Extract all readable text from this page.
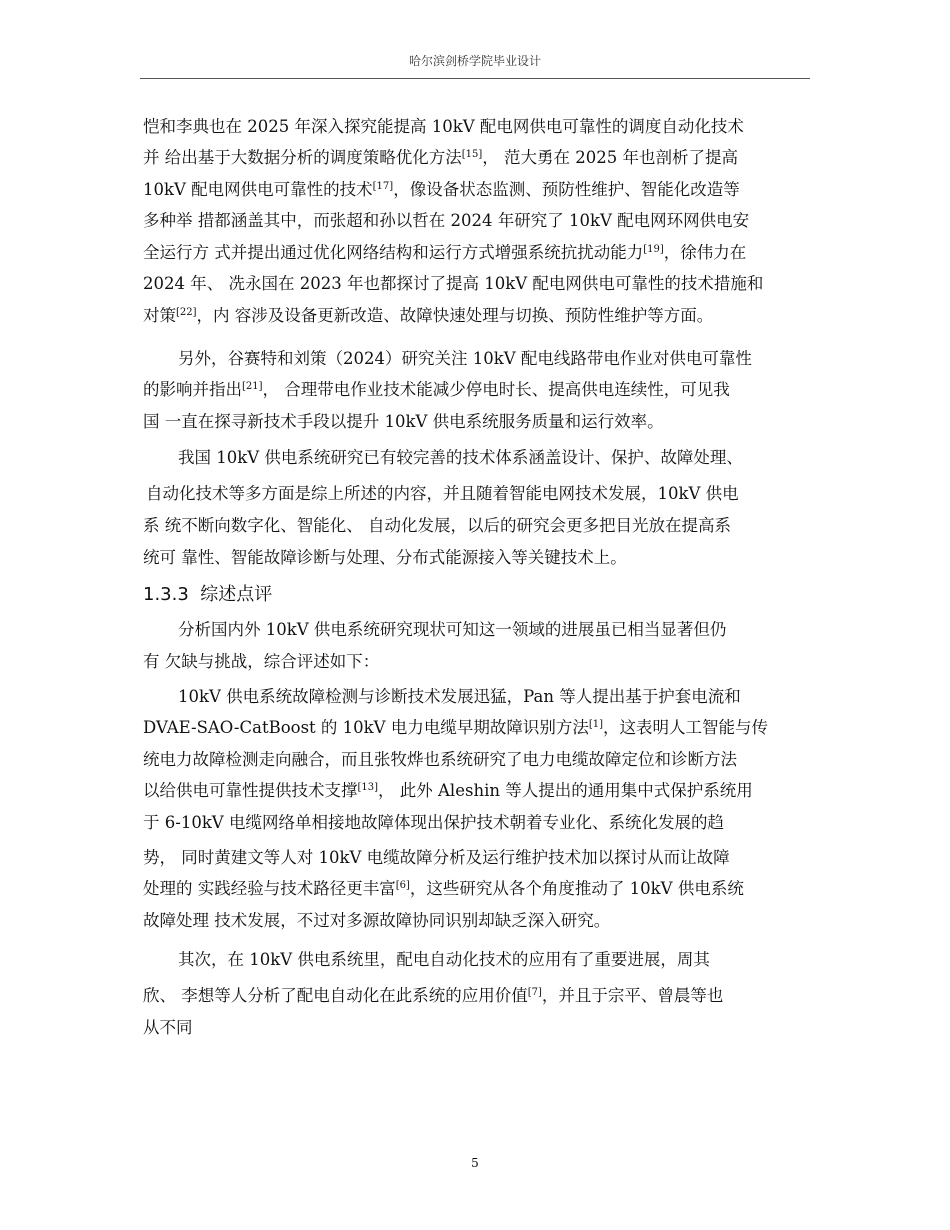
哈尔滨剑桥学院毕业设计
恺和李典也在 2025 年深入探究能提高 10kV 配电网供电可靠性的调度自动化技术
并 给出基于大数据分析的调度策略优化方法[15]， 范大勇在 2025 年也剖析了提高
10kV 配电网供电可靠性的技术[17]，像设备状态监测、预防性维护、智能化改造等
多种举 措都涵盖其中，而张超和孙以哲在 2024 年研究了 10kV 配电网环网供电安
全运行方 式并提出通过优化网络结构和运行方式增强系统抗扰动能力[19]，徐伟力在
2024 年、 冼永国在 2023 年也都探讨了提高 10kV 配电网供电可靠性的技术措施和
对策[22]，内 容涉及设备更新改造、故障快速处理与切换、预防性维护等方面。
另外，谷赛特和刘策（2024）研究关注 10kV 配电线路带电作业对供电可靠性
的影响并指出[21]， 合理带电作业技术能减少停电时长、提高供电连续性，可见我
国 一直在探寻新技术手段以提升 10kV 供电系统服务质量和运行效率。
我国 10kV 供电系统研究已有较完善的技术体系涵盖设计、保护、故障处理、
自动化技术等多方面是综上所述的内容，并且随着智能电网技术发展，10kV 供电
系 统不断向数字化、智能化、 自动化发展，以后的研究会更多把目光放在提高系
统可 靠性、智能故障诊断与处理、分布式能源接入等关键技术上。
分析国内外 10kV 供电系统研究现状可知这一领域的进展虽已相当显著但仍
有 欠缺与挑战，综合评述如下：
10kV 供电系统故障检测与诊断技术发展迅猛，Pan 等人提出基于护套电流和
DVAE-SAO-CatBoost 的 10kV 电力电缆早期故障识别方法[1]，这表明人工智能与传
统电力故障检测走向融合，而且张牧烨也系统研究了电力电缆故障定位和诊断方法
以给供电可靠性提供技术支撑[13]， 此外 Aleshin 等人提出的通用集中式保护系统用
于 6-10kV 电缆网络单相接地故障体现出保护技术朝着专业化、系统化发展的趋
势， 同时黄建文等人对 10kV 电缆故障分析及运行维护技术加以探讨从而让故障
处理的 实践经验与技术路径更丰富[6]，这些研究从各个角度推动了 10kV 供电系统
故障处理 技术发展，不过对多源故障协同识别却缺乏深入研究。
其次，在 10kV 供电系统里，配电自动化技术的应用有了重要进展，周其
欣、 李想等人分析了配电自动化在此系统的应用价值[7]，并且于宗平、曾晨等也
从不同
1.3.3 综述点评
5
